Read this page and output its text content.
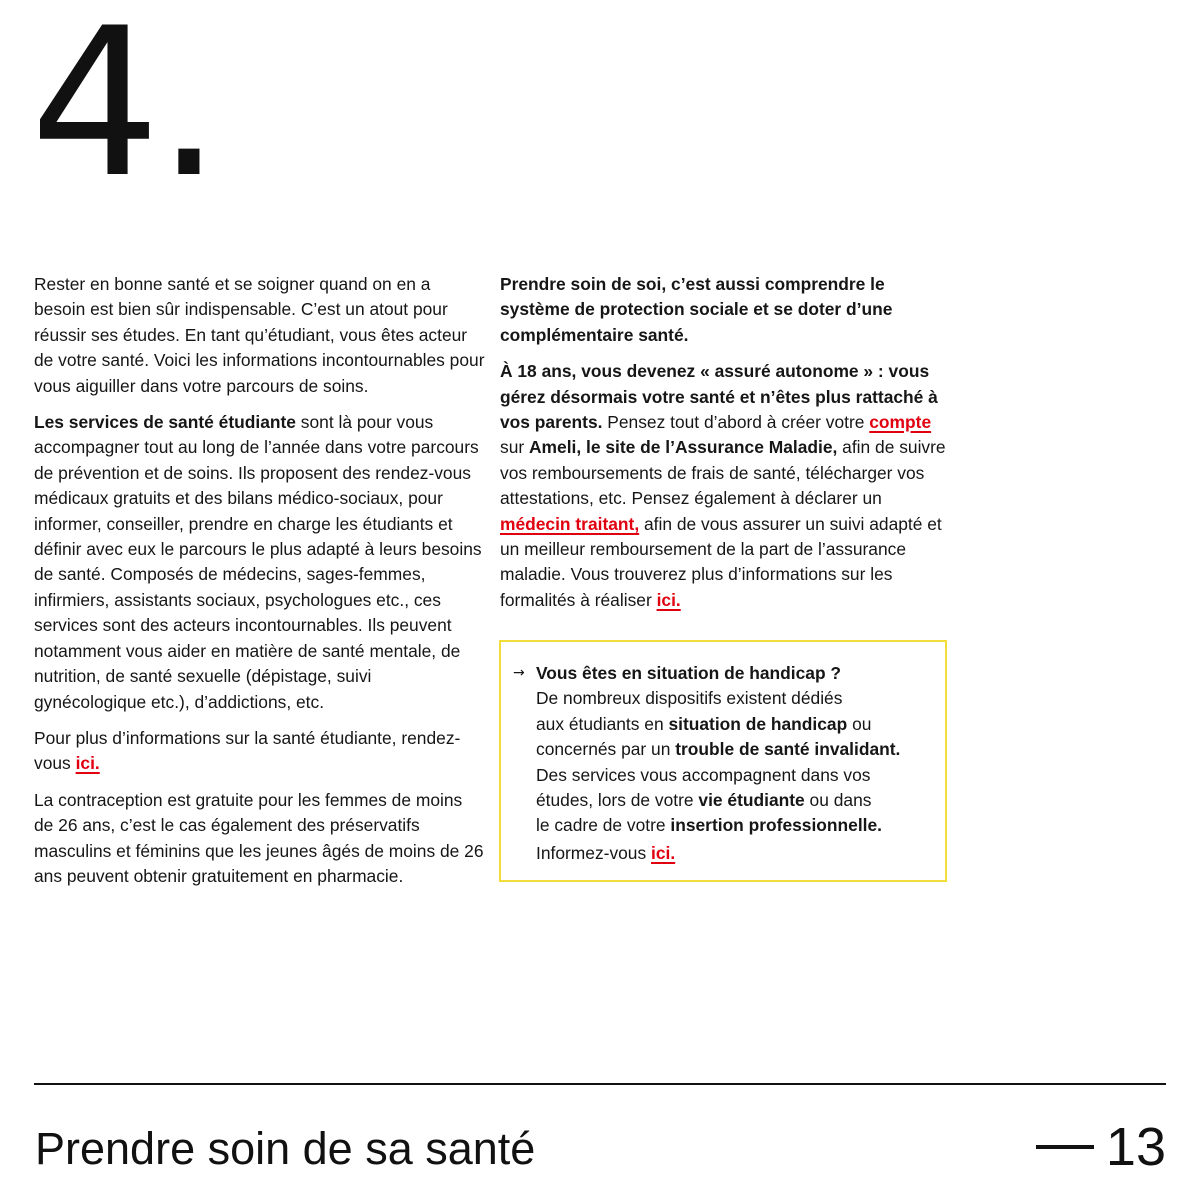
4.

Rester en bonne santé et se soigner quand on en a besoin est bien sûr indispensable. C’est un atout pour réussir ses études. En tant qu’étudiant, vous êtes acteur de votre santé. Voici les informations incontournables pour vous aiguiller dans votre parcours de soins.

Les services de santé étudiante sont là pour vous accompagner tout au long de l’année dans votre parcours de prévention et de soins. Ils proposent des rendez-vous médicaux gratuits et des bilans médico-sociaux, pour informer, conseiller, prendre en charge les étudiants et définir avec eux le parcours le plus adapté à leurs besoins de santé. Composés de médecins, sages-femmes, infirmiers, assistants sociaux, psychologues etc., ces services sont des acteurs incontournables. Ils peuvent notamment vous aider en matière de santé mentale, de nutrition, de santé sexuelle (dépistage, suivi gynécologique etc.), d’addictions, etc.

Pour plus d’informations sur la santé étudiante, rendez-vous ici.

La contraception est gratuite pour les femmes de moins de 26 ans, c’est le cas également des préservatifs masculins et féminins que les jeunes âgés de moins de 26 ans peuvent obtenir gratuitement en pharmacie.

Prendre soin de soi, c’est aussi comprendre le système de protection sociale et se doter d’une complémentaire santé.

À 18 ans, vous devenez « assuré autonome » : vous gérez désormais votre santé et n’êtes plus rattaché à vos parents. Pensez tout d’abord à créer votre compte sur Ameli, le site de l’Assurance Maladie, afin de suivre vos remboursements de frais de santé, télécharger vos attestations, etc. Pensez également à déclarer un médecin traitant, afin de vous assurer un suivi adapté et un meilleur remboursement de la part de l’assurance maladie. Vous trouverez plus d’informations sur les formalités à réaliser ici.

→ Vous êtes en situation de handicap ?
De nombreux dispositifs existent dédiés
aux étudiants en situation de handicap ou
concernés par un trouble de santé invalidant.
Des services vous accompagnent dans vos
études, lors de votre vie étudiante ou dans
le cadre de votre insertion professionnelle.
Informez-vous ici.

Prendre soin de sa santé	13
